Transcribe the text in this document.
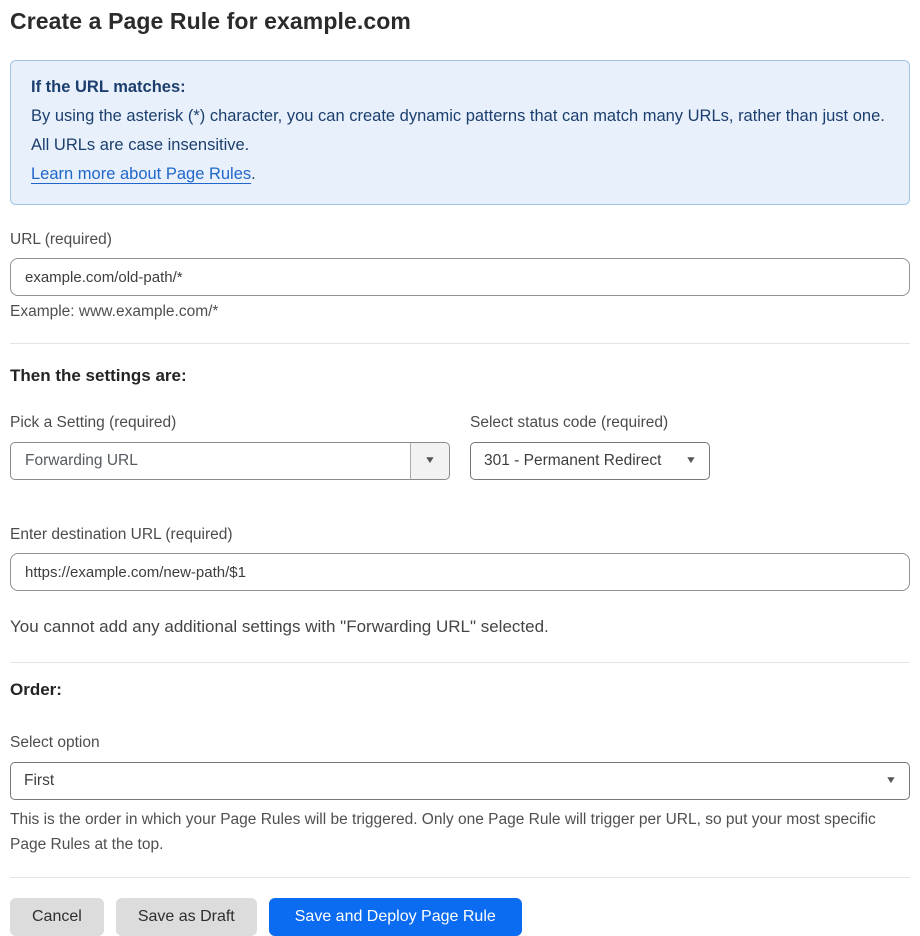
Create a Page Rule for example.com
If the URL matches:
By using the asterisk (*) character, you can create dynamic patterns that can match many URLs, rather than just one. All URLs are case insensitive.
Learn more about Page Rules.
URL (required)
example.com/old-path/*
Example: www.example.com/*
Then the settings are:
Pick a Setting (required)
Forwarding URL	▼
Select status code (required)
301 - Permanent Redirect	▼
Enter destination URL (required)
https://example.com/new-path/$1
You cannot add any additional settings with "Forwarding URL" selected.
Order:
Select option
First	▼
This is the order in which your Page Rules will be triggered. Only one Page Rule will trigger per URL, so put your most specific Page Rules at the top.
Cancel	Save as Draft	Save and Deploy Page Rule
